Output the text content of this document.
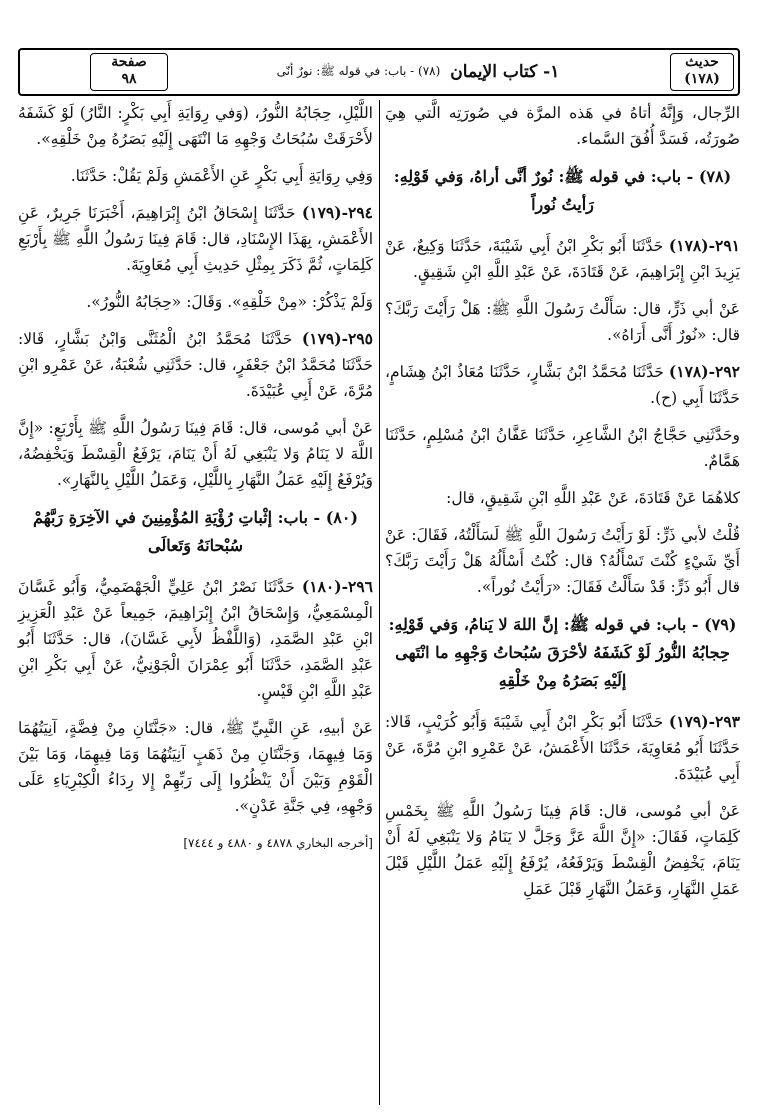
صفحة
٩٨	١- كتاب الإيمان
(٧٨) - باب: في قوله ﷺ: نورٌ أنّى
حديث
(١٧٨)

الرِّجال، وَإِنَّهُ أتاهُ في هَذه المرَّة في صُورَتِه الَّتي هِيَ صُورَتُه، فَسَدَّ أُفُقَ السَّماء.

(٧٨) - باب: في قوله ﷺ: نُورٌ أنَّى أراهُ، وَفي قَوْلِهِ: رَأيتُ نُوراً

٢٩١-(١٧٨) حَدَّثَنَا أَبُو بَكْرِ ابْنُ أَبِي شَيْبَةَ، حَدَّثَنَا وَكِيعٌ، عَنْ يَزِيدَ ابْنِ إِبْرَاهِيمَ، عَنْ قَتَادَةَ، عَنْ عَبْدِ اللَّهِ ابْنِ شَقِيقٍ.

عَنْ أبي ذَرٍّ، قال: سَأَلْتُ رَسُولَ اللَّهِ ﷺ: هَلْ رَأَيْتَ رَبَّكَ؟ قال: «نُورٌ أَنَّى أَرَاهُ».

٢٩٢-(١٧٨) حَدَّثَنَا مُحَمَّدُ ابْنُ بَشَّارٍ، حَدَّثَنَا مُعَاذُ ابْنُ هِشَامٍ، حَدَّثَنَا أَبِي (ح).

وحَدَّثَنِي حَجَّاجُ ابْنُ الشَّاعِرِ، حَدَّثَنَا عَفَّانُ ابْنُ مُسْلِمٍ، حَدَّثَنَا هَمَّامٌ.

كلاهُمَا عَنْ قَتَادَةَ، عَنْ عَبْدِ اللَّهِ ابْنِ شَقِيقٍ، قال:

قُلْتُ لأبي ذَرٍّ: لَوْ رَأَيْتُ رَسُولَ اللَّهِ ﷺ لَسَأَلْتُهُ، فَقَالَ: عَنْ أَيِّ شَيْءٍ كُنْتَ تَسْأَلُهُ؟ قال: كُنْتُ أَسْأَلُهُ هَلْ رَأَيْتَ رَبَّكَ؟ قال أَبُو ذَرٍّ: قَدْ سَأَلْتُ فَقَالَ: «رَأَيْتُ نُوراً».

(٧٩) - باب: في قوله ﷺ: إنَّ اللهَ لا يَنامُ، وَفي قَوْلِهِ: حِجابُهُ النُّورُ لَوْ كَشَفَهُ لأحْرَقَ سُبُحاتُ وَجْهِهِ ما انْتَهى إلَيْهِ بَصَرُهُ مِنْ خَلْقِهِ

٢٩٣-(١٧٩) حَدَّثَنَا أَبُو بَكْرِ ابْنُ أَبِي شَيْبَةَ وَأَبُو كُرَيْبٍ، قَالا: حَدَّثَنَا أَبُو مُعَاوِيَةَ، حَدَّثَنَا الأَعْمَشُ، عَنْ عَمْرِو ابْنِ مُرَّةَ، عَنْ أَبِي عُبَيْدَةَ.

عَنْ أبي مُوسى، قال: قَامَ فِينَا رَسُولُ اللَّهِ ﷺ بِخَمْسِ كَلِمَاتٍ، فَقَالَ: «إِنَّ اللَّهَ عَزَّ وَجَلَّ لا يَنَامُ وَلا يَنْبَغِي لَهُ أَنْ يَنَامَ، يَخْفِضُ الْقِسْطَ وَيَرْفَعُهُ، يُرْفَعُ إِلَيْهِ عَمَلُ اللَّيْلِ قَبْلَ عَمَلِ النَّهَارِ، وَعَمَلُ النَّهَارِ قَبْلَ عَمَلِ

اللَّيْلِ، حِجَابُهُ النُّورُ، (وَفي رِوَايَةِ أَبِي بَكْرٍ: النَّارُ) لَوْ كَشَفَهُ لأَحْرَقَتْ سُبُحَاتُ وَجْهِهِ مَا انْتَهَى إِلَيْهِ بَصَرُهُ مِنْ خَلْقِهِ».

وَفِي رِوَايَةِ أَبِي بَكْرٍ عَنِ الأَعْمَشِ وَلَمْ يَقُلْ: حَدَّثَنَا.

٢٩٤-(١٧٩) حَدَّثَنَا إِسْحَاقُ ابْنُ إِبْرَاهِيمَ، أَخْبَرَنَا جَرِيرٌ، عَنِ الأَعْمَشِ، بِهَذَا الإِسْنَادِ، قال: قَامَ فِينَا رَسُولُ اللَّهِ ﷺ بِأَرْبَعِ كَلِمَاتٍ، ثُمَّ ذَكَرَ بِمِثْلِ حَدِيثِ أَبِي مُعَاوِيَةَ.

وَلَمْ يَذْكُرْ: «مِنْ خَلْقِهِ». وَقَالَ: «حِجَابُهُ النُّورُ».

٢٩٥-(١٧٩) حَدَّثَنَا مُحَمَّدُ ابْنُ الْمُثَنَّى وَابْنُ بَشَّارٍ، قَالا: حَدَّثَنَا مُحَمَّدُ ابْنُ جَعْفَرٍ، قال: حَدَّثَنِي شُعْبَةُ، عَنْ عَمْرِو ابْنِ مُرَّةَ، عَنْ أَبِي عُبَيْدَةَ.

عَنْ أبي مُوسى، قال: قَامَ فِينَا رَسُولُ اللَّهِ ﷺ بِأَرْبَعٍ: «إِنَّ اللَّهَ لا يَنَامُ وَلا يَنْبَغِي لَهُ أَنْ يَنَامَ، يَرْفَعُ الْقِسْطَ وَيَخْفِضُهُ، وَيُرْفَعُ إِلَيْهِ عَمَلُ النَّهَارِ بِاللَّيْلِ، وَعَمَلُ اللَّيْلِ بِالنَّهَارِ».

(٨٠) - باب: إثْباتِ رُؤْيَةِ المُؤْمِنِينَ في الآخِرَةِ رَبَّهُمْ سُبْحانَهُ وَتَعالَى

٢٩٦-(١٨٠) حَدَّثَنَا نَصْرُ ابْنُ عَلِيٍّ الْجَهْضَمِيُّ، وَأَبُو غَسَّانَ الْمِسْمَعِيُّ، وَإِسْحَاقُ ابْنُ إِبْرَاهِيمَ، جَمِيعاً عَنْ عَبْدِ الْعَزِيزِ ابْنِ عَبْدِ الصَّمَدِ، (وَاللَّفْظُ لأَبِي غَسَّانَ)، قال: حَدَّثَنَا أَبُو عَبْدِ الصَّمَدِ، حَدَّثَنَا أَبُو عِمْرَانَ الْجَوْنِيُّ، عَنْ أَبِي بَكْرِ ابْنِ عَبْدِ اللَّهِ ابْنِ قَيْسٍ.

عَنْ أبيهِ، عَنِ النَّبِيِّ ﷺ، قال: «جَنَّتَانِ مِنْ فِضَّةٍ، آنِيَتُهُمَا وَمَا فِيهِمَا، وَجَنَّتَانِ مِنْ ذَهَبٍ آنِيَتُهُمَا وَمَا فِيهِمَا، وَمَا بَيْنَ الْقَوْمِ وَبَيْنَ أَنْ يَنْظُرُوا إِلَى رَبِّهِمْ إِلا رِدَاءُ الْكِبْرِيَاءِ عَلَى وَجْهِهِ، فِي جَنَّةِ عَدْنٍ».

[أخرجه البخاري ٤٨٧٨ و ٤٨٨٠ و ٧٤٤٤]
